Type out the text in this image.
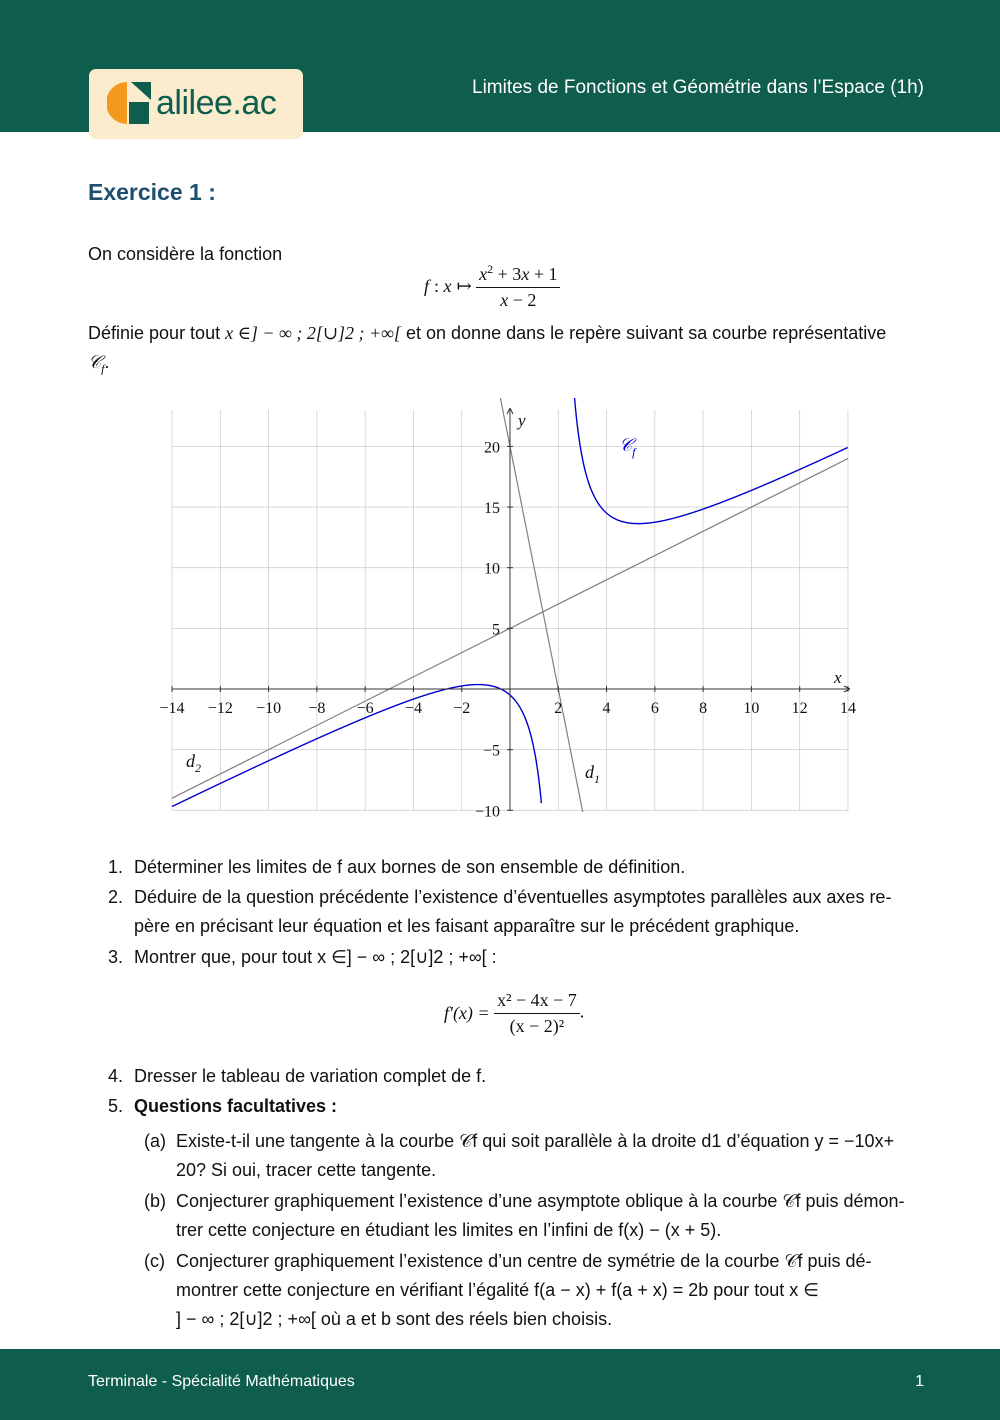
alilee.ac	Limites de Fonctions et Géométrie dans l’Espace (1h)
Exercice 1 :
On considère la fonction
f : x ↦ $\frac{x^2 + 3x + 1}{x - 2}$
Définie pour tout x ∈] − ∞ ; 2[∪]2 ; +∞[ et on donne dans le repère suivant sa courbe représentative
𝒞$_f$.
−14 −12 −10 −8 −6 −4 −2	2	4	6	8 10 12 14
−10
−5
5
10
15
20
x
y
𝒞$_f$
$d_1$
$d_2$
1. Déterminer les limites de f aux bornes de son ensemble de définition.
2. Déduire de la question précédente l’existence d’éventuelles asymptotes parallèles aux axes re-
père en précisant leur équation et les faisant apparaître sur le précédent graphique.
3. Montrer que, pour tout x ∈] − ∞ ; 2[∪]2 ; +∞[ :
4. Dresser le tableau de variation complet de f.
5. Questions facultatives :
(a) Existe-t-il une tangente à la courbe 𝒞f qui soit parallèle à la droite d1 d’équation y = −10x+
20? Si oui, tracer cette tangente.
(b) Conjecturer graphiquement l’existence d’une asymptote oblique à la courbe 𝒞f puis démon-
trer cette conjecture en étudiant les limites en l’infini de f(x) − (x + 5).
(c) Conjecturer graphiquement l’existence d’un centre de symétrie de la courbe 𝒞f puis dé-
montrer cette conjecture en vérifiant l’égalité f(a − x) + f(a + x) = 2b pour tout x ∈
] − ∞ ; 2[∪]2 ; +∞[ où a et b sont des réels bien choisis.
$f'(x) = \frac{\text{x² − 4x − 7}}{\text{(x − 2)²}}$ .
Terminale - Spécialité Mathématiques	1
